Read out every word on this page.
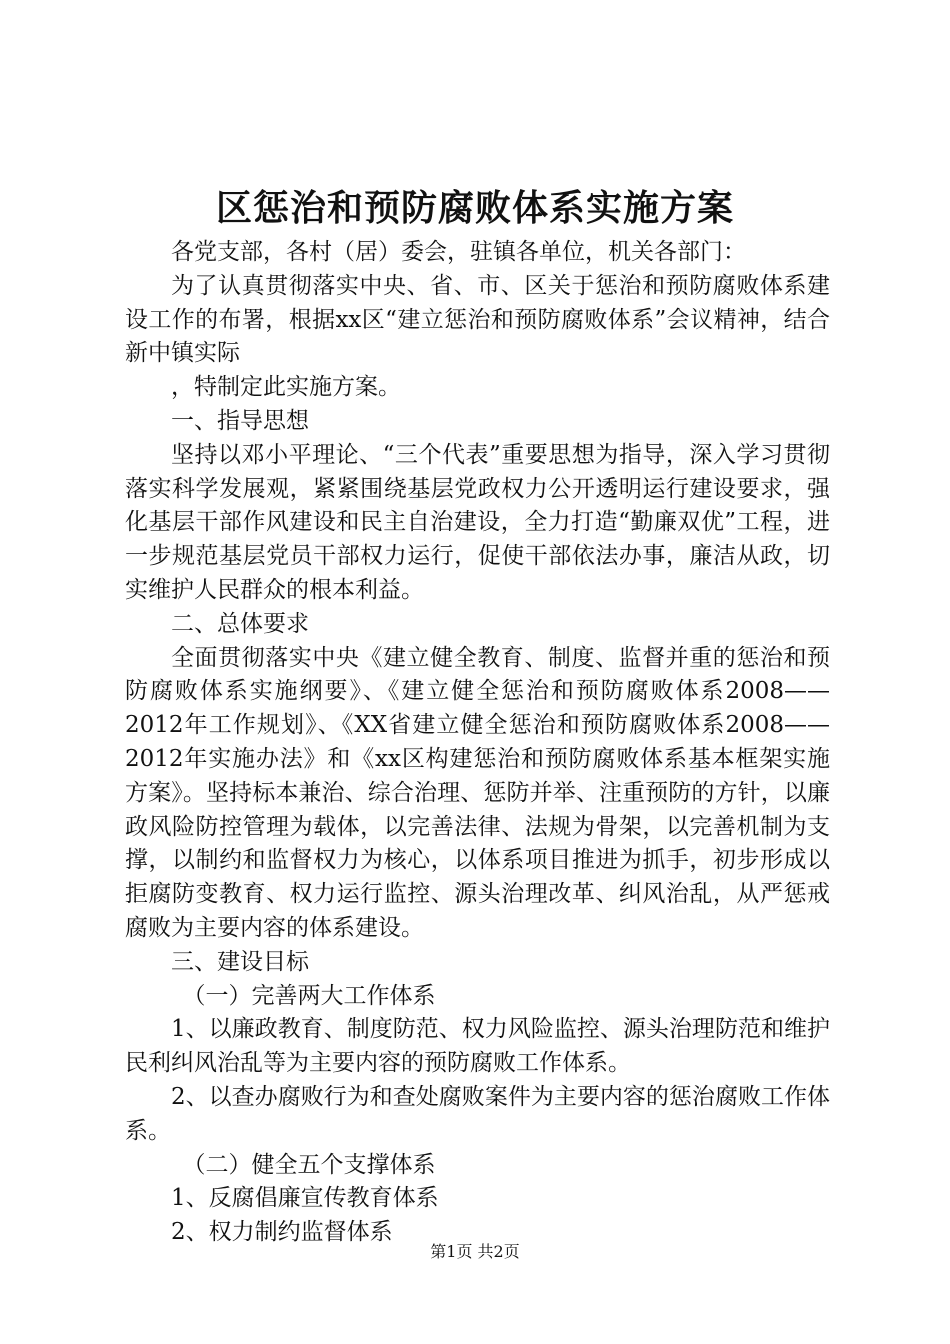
区惩治和预防腐败体系实施方案

各党支部，各村（居）委会，驻镇各单位，机关各部门：

为了认真贯彻落实中央、省、市、区关于惩治和预防腐败体系建设工作的布署，根据xx区“建立惩治和预防腐败体系”会议精神，结合新中镇实际

，特制定此实施方案。

一、指导思想

坚持以邓小平理论、“三个代表”重要思想为指导，深入学习贯彻落实科学发展观，紧紧围绕基层党政权力公开透明运行建设要求，强化基层干部作风建设和民主自治建设，全力打造“勤廉双优”工程，进一步规范基层党员干部权力运行，促使干部依法办事，廉洁从政，切实维护人民群众的根本利益。

二、总体要求

全面贯彻落实中央《建立健全教育、制度、监督并重的惩治和预防腐败体系实施纲要》、《建立健全惩治和预防腐败体系2008——2012年工作规划》、《XX省建立健全惩治和预防腐败体系2008——2012年实施办法》和《xx区构建惩治和预防腐败体系基本框架实施方案》。坚持标本兼治、综合治理、惩防并举、注重预防的方针，以廉政风险防控管理为载体，以完善法律、法规为骨架，以完善机制为支撑，以制约和监督权力为核心，以体系项目推进为抓手，初步形成以拒腐防变教育、权力运行监控、源头治理改革、纠风治乱，从严惩戒腐败为主要内容的体系建设。

三、建设目标

（一）完善两大工作体系

1、以廉政教育、制度防范、权力风险监控、源头治理防范和维护民利纠风治乱等为主要内容的预防腐败工作体系。

2、以查办腐败行为和查处腐败案件为主要内容的惩治腐败工作体系。

（二）健全五个支撑体系

1、反腐倡廉宣传教育体系

2、权力制约监督体系

第1页 共2页
